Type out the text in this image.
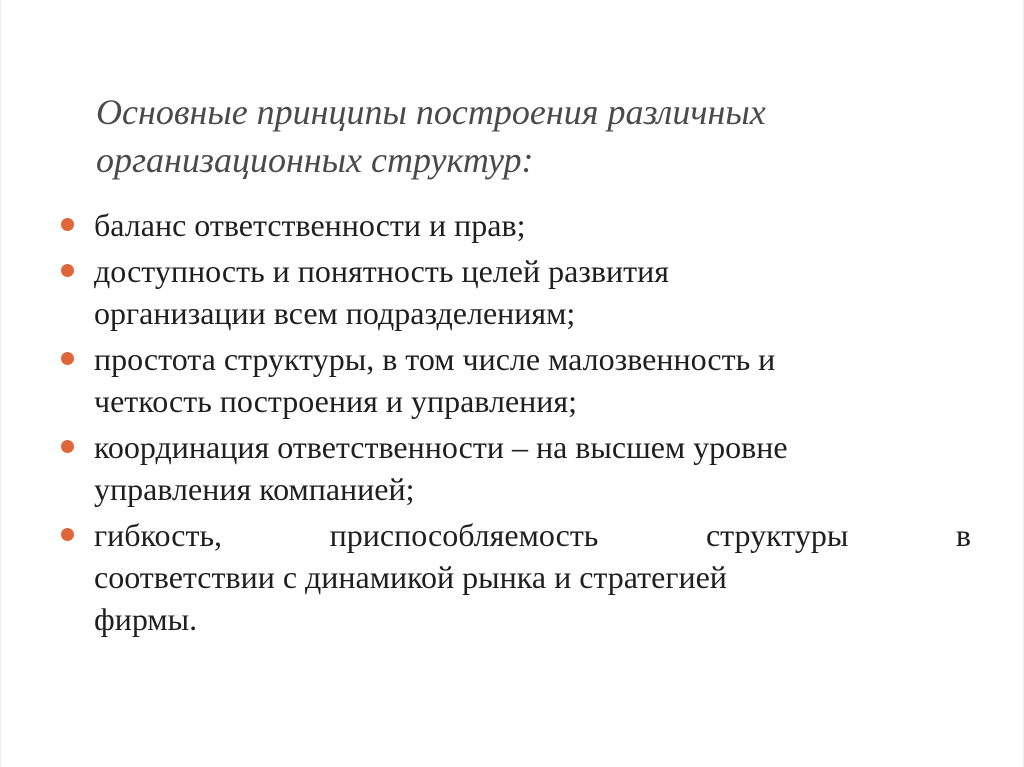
Основные принципы построения различных
организационных структур:
баланс ответственности и прав;
доступность и понятность целей развития
организации всем подразделениям;
простота структуры, в том числе малозвенность и
четкость построения и управления;
координация ответственности – на высшем уровне
управления компанией;
гибкость,	приспособляемость	структуры	в
соответствии с динамикой рынка и стратегией
фирмы.
